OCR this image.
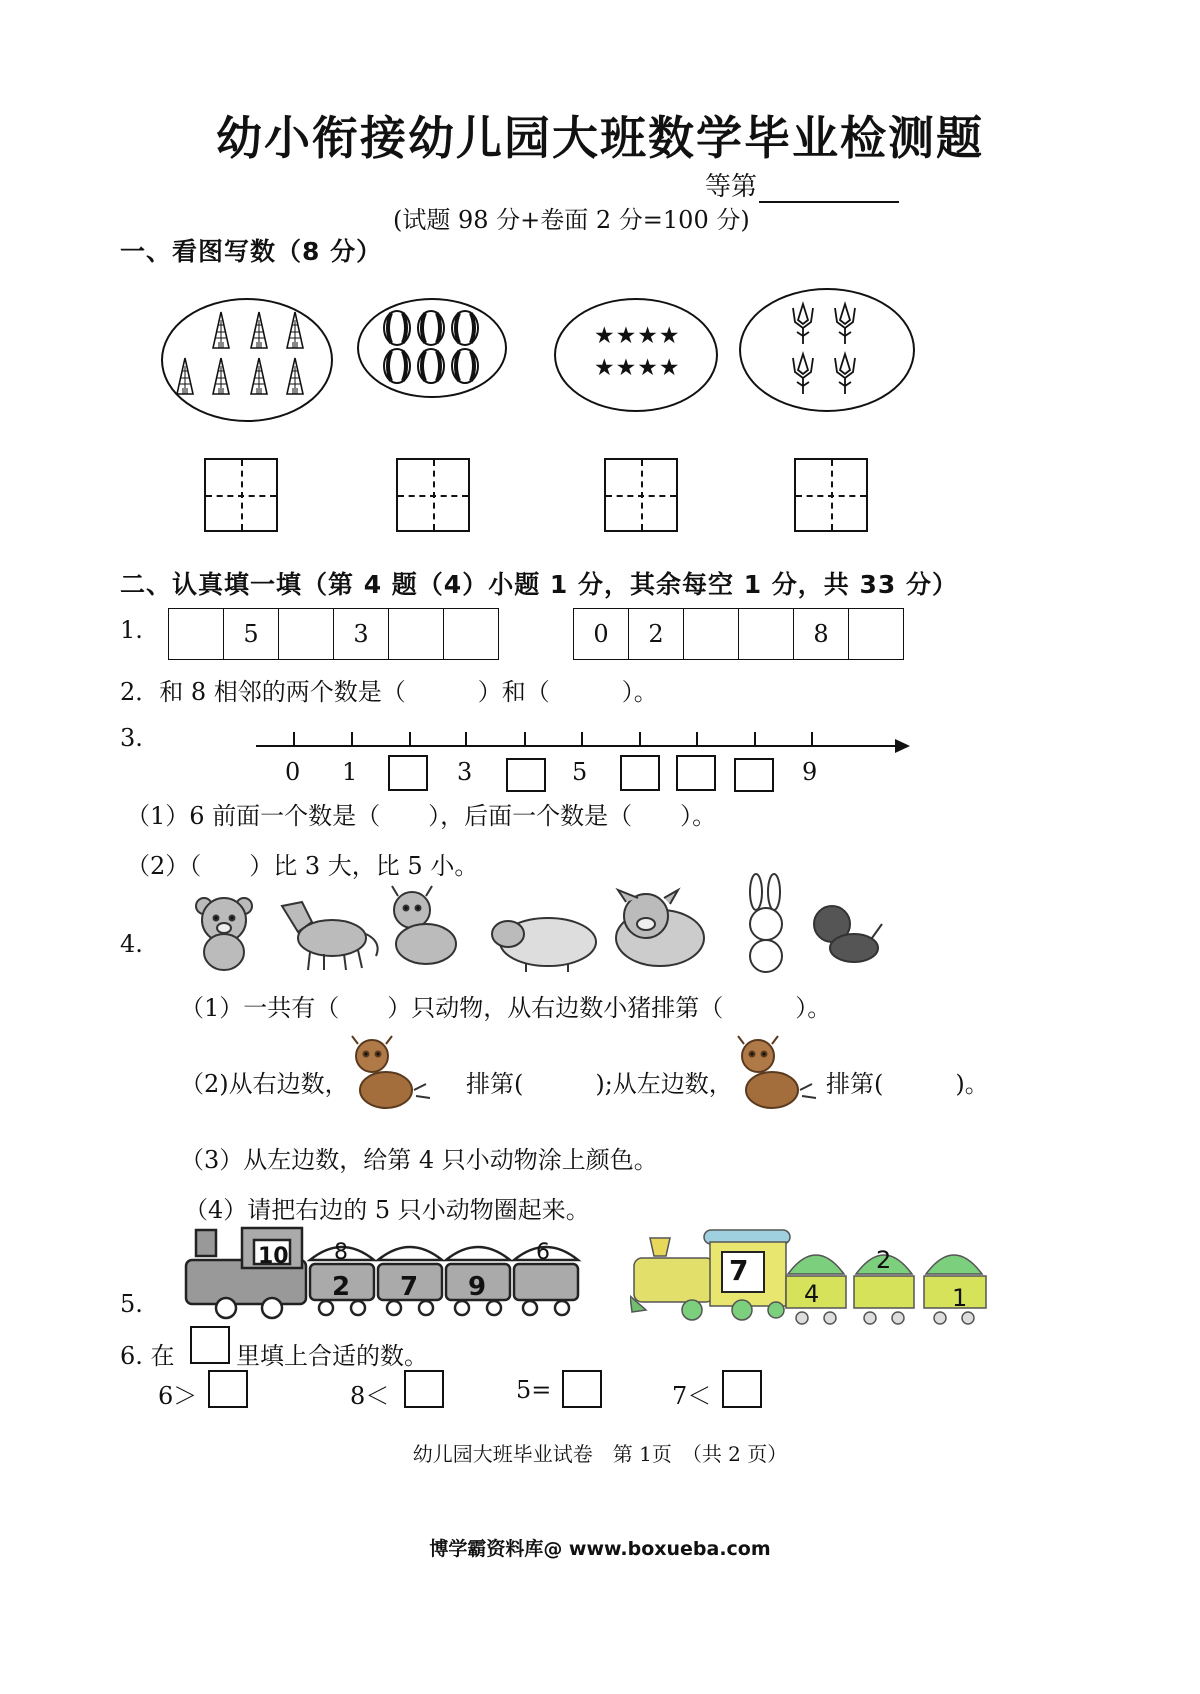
幼小衔接幼儿园大班数学毕业检测题
等第
(试题 98 分+卷面 2 分=100 分)
一、看图写数（8 分）
★★★★
★★★★
二、认真填一填（第 4 题（4）小题 1 分，其余每空 1 分，共 33 分）
1.
		5		3			0	2			8	
2．和 8 相邻的两个数是（　　　）和（　　　）。
3.
0 1	3	5	9
（1）6 前面一个数是（　　），后面一个数是（　　）。
（2）（　　）比 3 大，比 5 小。
4.
（1）一共有（　　）只动物，从右边数小猪排第（　　　）。
（2)从右边数，	排第(　　　);从左边数，	排第(　　　)。
（3）从左边数，给第 4 只小动物涂上颜色。
（4）请把右边的 5 只小动物圈起来。
5.
10 8	6
2 7 9	7
4
2
1
6. 在	里填上合适的数。
6＞	8＜	5=	7＜
幼儿园大班毕业试卷　第 1页　（共 2 页）
博学霸资料库@ www.boxueba.com
